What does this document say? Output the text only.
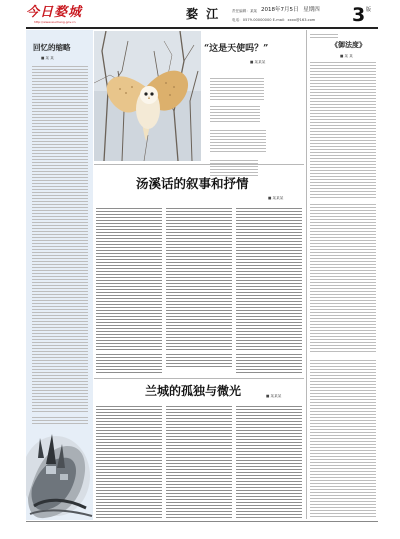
今日婺城
http://www.wucheng.gov.cn
婺 江	责任编辑：某某 2018年7月5日 星期四
电话：0579-00000000 E-mail：xxxx@163.com 3 版
回忆的缩略
■ 某 某
“这是天使吗？”
■ 某某某
汤溪话的叙事和抒情
■ 某某某
兰城的孤独与微光	■ 某某某
《御法度》
■ 某 某
